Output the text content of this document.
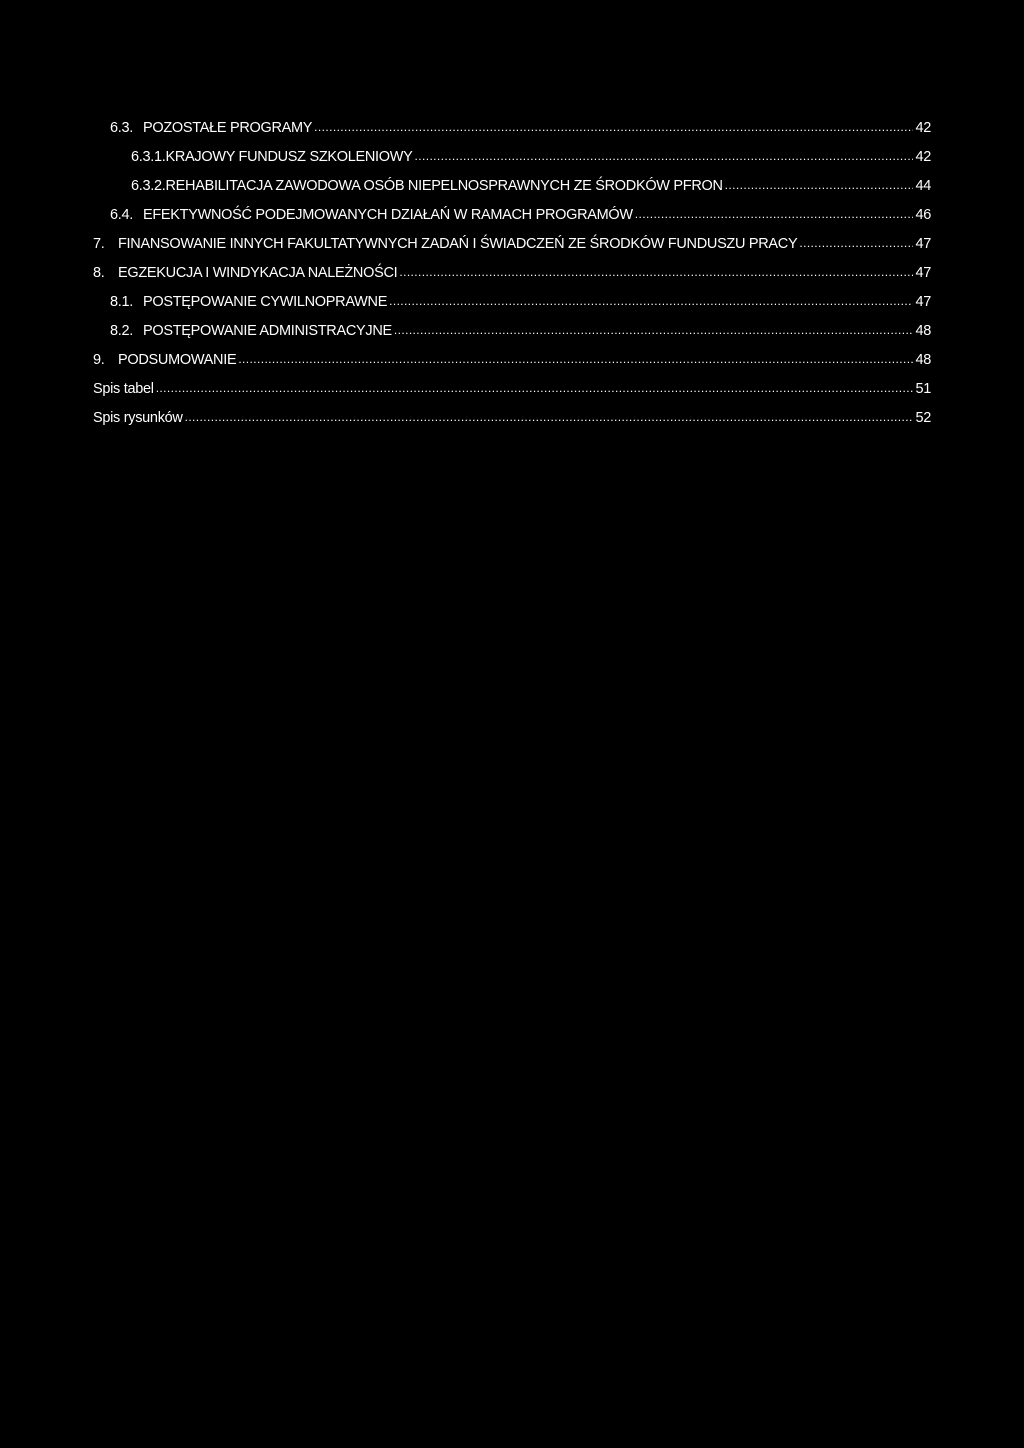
6.3. POZOSTAŁE PROGRAMY .....	42
6.3.1. KRAJOWY FUNDUSZ SZKOLENIOWY .....	42
6.3.2. REHABILITACJA ZAWODOWA OSÓB NIEPELNOSPRAWNYCH ZE ŚRODKÓW PFRON .....	44
6.4. EFEKTYWNOŚĆ PODEJMOWANYCH DZIAŁAŃ W RAMACH PROGRAMÓW .....	46
7. FINANSOWANIE INNYCH FAKULTATYWNYCH ZADAŃ I ŚWIADCZEŃ ZE ŚRODKÓW FUNDUSZU PRACY .....	47
8. EGZEKUCJA I WINDYKACJA NALEŻNOŚCI .....	47
8.1. POSTĘPOWANIE CYWILNOPRAWNE .....	47
8.2. POSTĘPOWANIE ADMINISTRACYJNE .....	48
9. PODSUMOWANIE .....	48
Spis tabel .....	51
Spis rysunków .....	52
